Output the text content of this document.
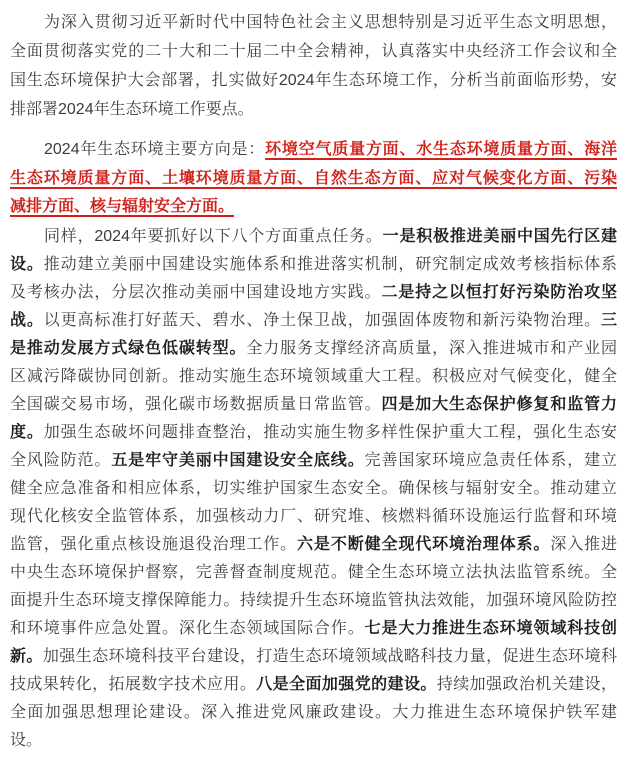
为深入贯彻习近平新时代中国特色社会主义思想特别是习近平生态文明思想，
全面贯彻落实党的二十大和二十届二中全会精神，认真落实中央经济工作会议和全
国生态环境保护大会部署，扎实做好2024年生态环境工作，分析当前面临形势，安
排部署2024年生态环境工作要点。
2024年生态环境主要方向是：环境空气质量方面、水生态环境质量方面、海洋
生态环境质量方面、土壤环境质量方面、自然生态方面、应对气候变化方面、污染
减排方面、核与辐射安全方面。
同样，2024年要抓好以下八个方面重点任务。一是积极推进美丽中国先行区建
设。推动建立美丽中国建设实施体系和推进落实机制，研究制定成效考核指标体系
及考核办法，分层次推动美丽中国建设地方实践。二是持之以恒打好污染防治攻坚
战。以更高标准打好蓝天、碧水、净土保卫战，加强固体废物和新污染物治理。三
是推动发展方式绿色低碳转型。全力服务支撑经济高质量，深入推进城市和产业园
区减污降碳协同创新。推动实施生态环境领域重大工程。积极应对气候变化，健全
全国碳交易市场，强化碳市场数据质量日常监管。四是加大生态保护修复和监管力
度。加强生态破坏问题排查整治，推动实施生物多样性保护重大工程，强化生态安
全风险防范。五是牢守美丽中国建设安全底线。完善国家环境应急责任体系，建立
健全应急准备和相应体系，切实维护国家生态安全。确保核与辐射安全。推动建立
现代化核安全监管体系，加强核动力厂、研究堆、核燃料循环设施运行监督和环境
监管，强化重点核设施退役治理工作。六是不断健全现代环境治理体系。深入推进
中央生态环境保护督察，完善督查制度规范。健全生态环境立法执法监管系统。全
面提升生态环境支撑保障能力。持续提升生态环境监管执法效能，加强环境风险防控
和环境事件应急处置。深化生态领域国际合作。七是大力推进生态环境领域科技创
新。加强生态环境科技平台建设，打造生态环境领域战略科技力量，促进生态环境科
技成果转化，拓展数字技术应用。八是全面加强党的建设。持续加强政治机关建设，
全面加强思想理论建设。深入推进党风廉政建设。大力推进生态环境保护铁军建
设。
